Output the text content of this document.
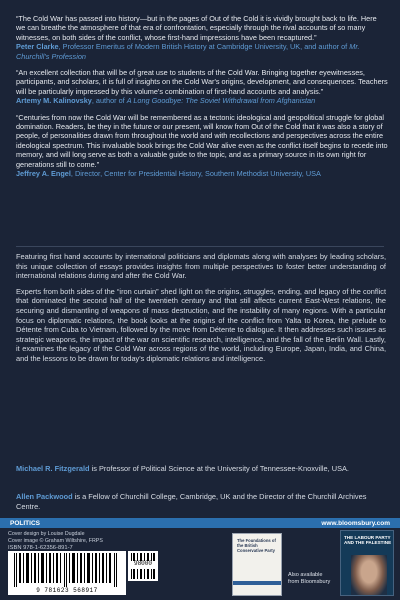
“The Cold War has passed into history—but in the pages of Out of the Cold it is vividly brought back to life. Here we can breathe the atmosphere of that era of confrontation, especially through the rival accounts of so many witnesses, on both sides of the conflict, whose first-hand impressions have been recaptured.”
Peter Clarke, Professor Emeritus of Modern British History at Cambridge University, UK, and author of Mr. Churchill's Profession
“An excellent collection that will be of great use to students of the Cold War. Bringing together eyewitnesses, participants, and scholars, it is full of insights on the Cold War's origins, development, and consequences. Teachers will be particularly impressed by this volume's combination of first-hand accounts and analysis.”
Artemy M. Kalinovsky, author of A Long Goodbye: The Soviet Withdrawal from Afghanistan
“Centuries from now the Cold War will be remembered as a tectonic ideological and geopolitical struggle for global domination. Readers, be they in the future or our present, will know from Out of the Cold that it was also a story of people, of personalities drawn from throughout the world and with recollections and perspectives across the entire ideological spectrum. This invaluable book brings the Cold War alive even as the conflict itself begins to recede into memory, and will long serve as both a valuable guide to the topic, and as a primary source in its own right for generations still to come.”
Jeffrey A. Engel, Director, Center for Presidential History, Southern Methodist University, USA

Featuring first hand accounts by international politicians and diplomats along with analyses by leading scholars, this unique collection of essays provides insights from multiple perspectives to foster better understanding of international relations during and after the Cold War.

Experts from both sides of the “iron curtain” shed light on the origins, struggles, ending, and legacy of the conflict that dominated the second half of the twentieth century and that still affects current East-West relations, the securing and dismantling of weapons of mass destruction, and the instability of many regions. With a particular focus on diplomatic relations, the book looks at the origins of the conflict from Yalta to Korea, the prelude to Détente from Cuba to Vietnam, followed by the move from Détente to dialogue. It then addresses such issues as strategic weapons, the impact of the war on scientific research, intelligence, and the fall of the Berlin Wall. Lastly, it examines the legacy of the Cold War across regions of the world, including Europe, Japan, India, and China, and the lessons to be drawn for today's diplomatic relations and intelligence.

Michael R. Fitzgerald is Professor of Political Science at the University of Tennessee-Knoxville, USA.
Allen Packwood is a Fellow of Churchill College, Cambridge, UK and the Director of the Churchill Archives Centre.
POLITICS	www.bloomsbury.com
Cover design by Louise Dugdale
Cover image © Graham Wiltshire, FRPS
ISBN 978-1-62356-891-7
9 781623 568917
98000
The Foundations of the British Conservative Party
Also available
from Bloomsbury
THE LABOUR PARTY AND THE PALESTINE
